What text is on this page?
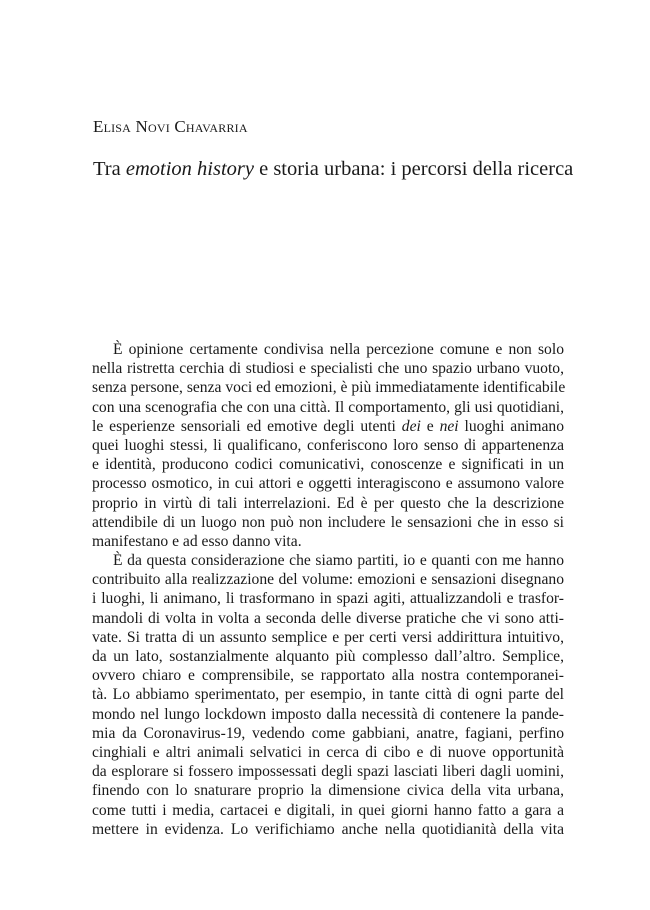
Elisa Novi Chavarria
Tra emotion history e storia urbana: i percorsi della ricerca
È opinione certamente condivisa nella percezione comune e non solo
nella ristretta cerchia di studiosi e specialisti che uno spazio urbano vuoto,
senza persone, senza voci ed emozioni, è più immediatamente identificabile
con una scenografia che con una città. Il comportamento, gli usi quotidiani,
le esperienze sensoriali ed emotive degli utenti dei e nei luoghi animano
quei luoghi stessi, li qualificano, conferiscono loro senso di appartenenza
e identità, producono codici comunicativi, conoscenze e significati in un
processo osmotico, in cui attori e oggetti interagiscono e assumono valore
proprio in virtù di tali interrelazioni. Ed è per questo che la descrizione
attendibile di un luogo non può non includere le sensazioni che in esso si
manifestano e ad esso danno vita.
È da questa considerazione che siamo partiti, io e quanti con me hanno
contribuito alla realizzazione del volume: emozioni e sensazioni disegnano
i luoghi, li animano, li trasformano in spazi agiti, attualizzandoli e trasfor-
mandoli di volta in volta a seconda delle diverse pratiche che vi sono atti-
vate. Si tratta di un assunto semplice e per certi versi addirittura intuitivo,
da un lato, sostanzialmente alquanto più complesso dall’altro. Semplice,
ovvero chiaro e comprensibile, se rapportato alla nostra contemporanei-
tà. Lo abbiamo sperimentato, per esempio, in tante città di ogni parte del
mondo nel lungo lockdown imposto dalla necessità di contenere la pande-
mia da Coronavirus-19, vedendo come gabbiani, anatre, fagiani, perfino
cinghiali e altri animali selvatici in cerca di cibo e di nuove opportunità
da esplorare si fossero impossessati degli spazi lasciati liberi dagli uomini,
finendo con lo snaturare proprio la dimensione civica della vita urbana,
come tutti i media, cartacei e digitali, in quei giorni hanno fatto a gara a
mettere in evidenza. Lo verifichiamo anche nella quotidianità della vita
